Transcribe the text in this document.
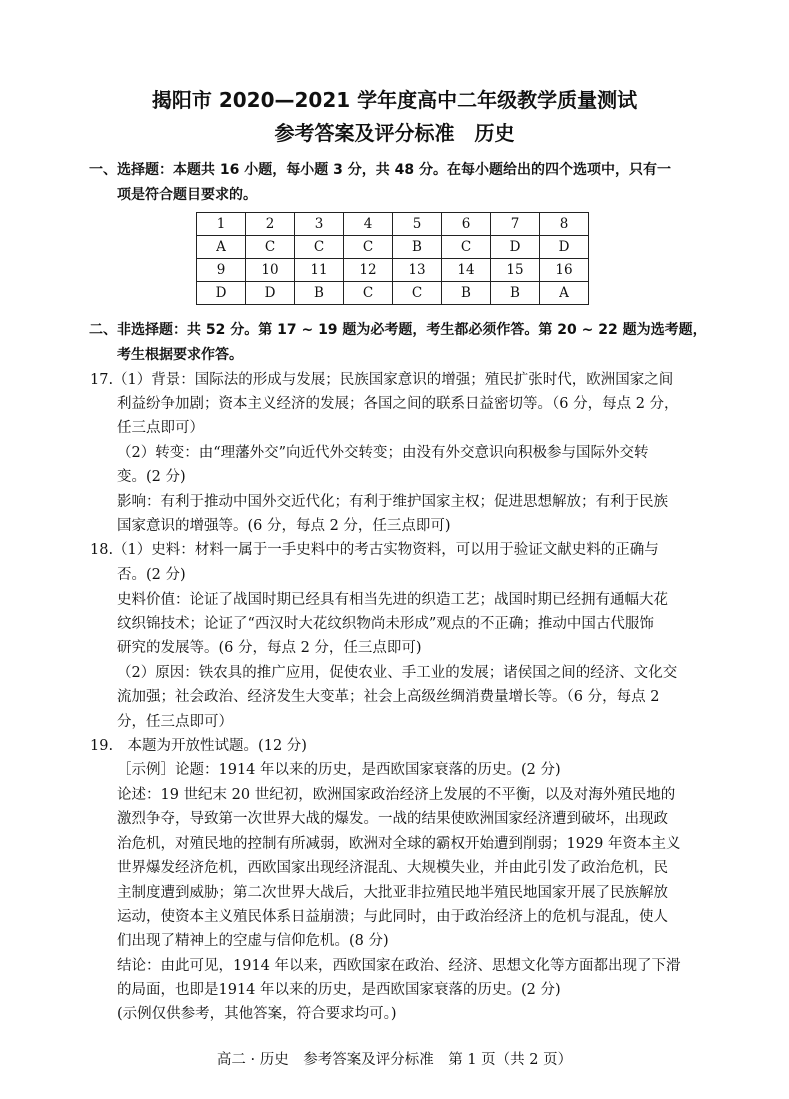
揭阳市 2020—2021 学年度高中二年级教学质量测试
参考答案及评分标准　历史
一、选择题：本题共 16 小题，每小题 3 分，共 48 分。在每小题给出的四个选项中，只有一
项是符合题目要求的。
1	2	3	4	5	6	7	8
A	C	C	C	B	C	D	D
9	10	11	12	13	14	15	16
D	D	B	C	C	B	B	A
二、非选择题：共 52 分。第 17 ~ 19 题为必考题，考生都必须作答。第 20 ~ 22 题为选考题，
考生根据要求作答。
17.（1）背景：国际法的形成与发展；民族国家意识的增强；殖民扩张时代，欧洲国家之间
利益纷争加剧；资本主义经济的发展；各国之间的联系日益密切等。（6 分，每点 2 分，
任三点即可）
（2）转变：由“理藩外交”向近代外交转变；由没有外交意识向积极参与国际外交转
变。(2 分)
影响：有利于推动中国外交近代化；有利于维护国家主权；促进思想解放；有利于民族
国家意识的增强等。(6 分，每点 2 分，任三点即可)
18.（1）史料：材料一属于一手史料中的考古实物资料，可以用于验证文献史料的正确与
否。(2 分)
史料价值：论证了战国时期已经具有相当先进的织造工艺；战国时期已经拥有通幅大花
纹织锦技术；论证了“西汉时大花纹织物尚未形成”观点的不正确；推动中国古代服饰
研究的发展等。(6 分，每点 2 分，任三点即可)
（2）原因：铁农具的推广应用，促使农业、手工业的发展；诸侯国之间的经济、文化交
流加强；社会政治、经济发生大变革；社会上高级丝绸消费量增长等。（6 分，每点 2
分，任三点即可）
19.　本题为开放性试题。(12 分)
［示例］论题：1914 年以来的历史，是西欧国家衰落的历史。(2 分)
论述：19 世纪末 20 世纪初，欧洲国家政治经济上发展的不平衡，以及对海外殖民地的
激烈争夺，导致第一次世界大战的爆发。一战的结果使欧洲国家经济遭到破坏，出现政
治危机，对殖民地的控制有所减弱，欧洲对全球的霸权开始遭到削弱；1929 年资本主义
世界爆发经济危机，西欧国家出现经济混乱、大规模失业，并由此引发了政治危机，民
主制度遭到威胁；第二次世界大战后，大批亚非拉殖民地半殖民地国家开展了民族解放
运动，使资本主义殖民体系日益崩溃；与此同时，由于政治经济上的危机与混乱，使人
们出现了精神上的空虚与信仰危机。(8 分)
结论：由此可见，1914 年以来，西欧国家在政治、经济、思想文化等方面都出现了下滑
的局面，也即是1914 年以来的历史，是西欧国家衰落的历史。(2 分)
(示例仅供参考，其他答案，符合要求均可。)
高二 · 历史　参考答案及评分标准　第 1 页（共 2 页）
